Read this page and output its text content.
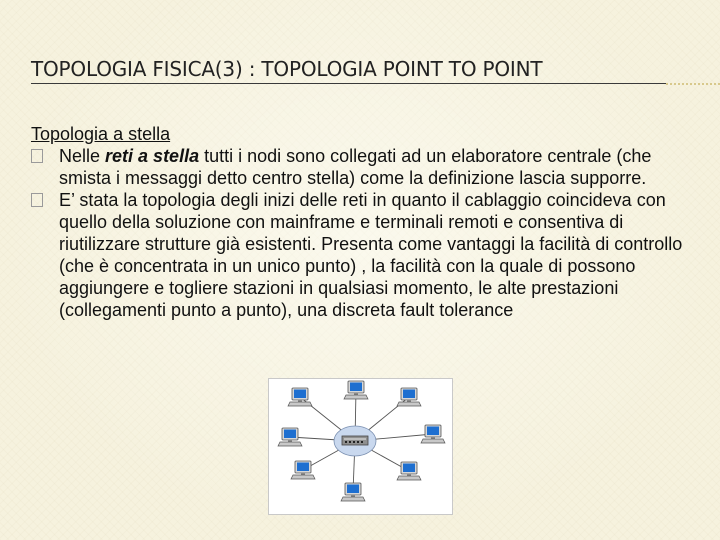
TOPOLOGIA FISICA(3) : TOPOLOGIA POINT TO POINT

Topologia a stella

Nelle reti a stella tutti i nodi sono collegati ad un elaboratore centrale (che smista i messaggi detto centro stella) come la definizione lascia supporre.

E’ stata la topologia degli inizi delle reti in quanto il cablaggio coincideva con quello della soluzione con mainframe e terminali remoti e consentiva di riutilizzare strutture già esistenti. Presenta come vantaggi la facilità di controllo (che è concentrata in un unico punto) , la facilità con la quale di possono aggiungere e togliere stazioni in qualsiasi momento, le alte prestazioni (collegamenti punto a punto), una discreta fault tolerance
